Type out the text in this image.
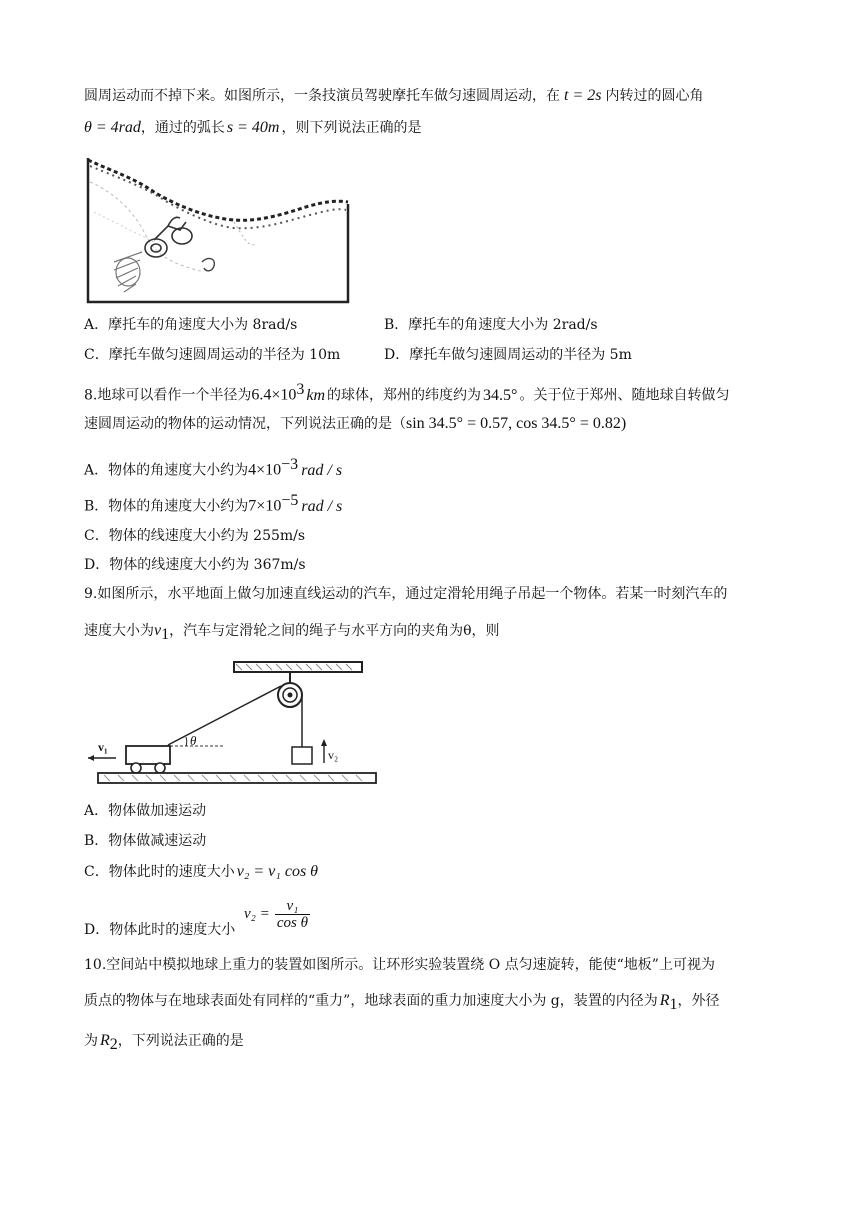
圆周运动而不掉下来。如图所示，一条技演员驾驶摩托车做匀速圆周运动，在 t = 2s 内转过的圆心角
θ = 4rad，通过的弧长 s = 40m ，则下列说法正确的是
A．摩托车的角速度大小为 8rad/s	B．摩托车的角速度大小为 2rad/s
C．摩托车做匀速圆周运动的半径为 10m	D．摩托车做匀速圆周运动的半径为 5m
8.地球可以看作一个半径为$6.4\times 10^3$ km 的球体，郑州的纬度约为 34.5° 。关于位于郑州、随地球自转做匀
速圆周运动的物体的运动情况，下列说法正确的是（sin 34.5° = 0.57, cos 34.5° = 0.82)
A．物体的角速度大小约为$4\times 10^{-3}$ rad / s
B．物体的角速度大小约为$7\times 10^{-5}$ rad / s
C．物体的线速度大小约为 255m/s
D．物体的线速度大小约为 367m/s
9.如图所示，水平地面上做匀加速直线运动的汽车，通过定滑轮用绳子吊起一个物体。若某一时刻汽车的
速度大小为$v_1$，汽车与定滑轮之间的绳子与水平方向的夹角为θ，则
θ
v₁
v₂
A．物体做加速运动
B．物体做减速运动
C．物体此时的速度大小 v₂ = v₁ cos θ
D．物体此时的速度大小
$v_2 = \frac{\text{v₁}}{\text{cos θ}}$
10.空间站中模拟地球上重力的装置如图所示。让环形实验装置绕 O 点匀速旋转，能使“地板”上可视为
质点的物体与在地球表面处有同样的“重力”，地球表面的重力加速度大小为 g，装置的内径为 $R_1$，外径
为 $R_2$，下列说法正确的是
